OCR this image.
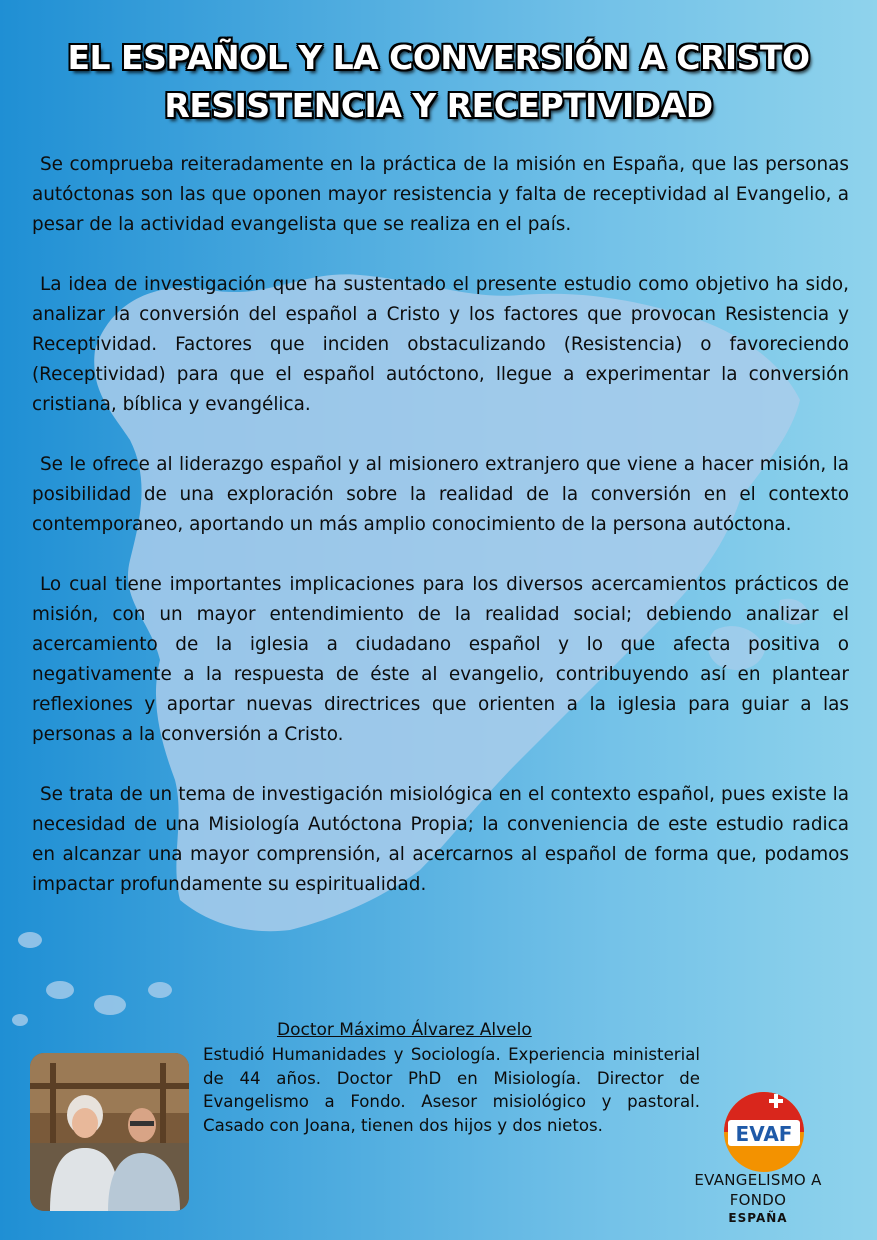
EL ESPAÑOL Y LA CONVERSIÓN A CRISTO
RESISTENCIA Y RECEPTIVIDAD

Se comprueba reiteradamente en la práctica de la misión en España, que las personas autóctonas son las que oponen mayor resistencia y falta de receptividad al Evangelio, a pesar de la actividad evangelista que se realiza en el país.

La idea de investigación que ha sustentado el presente estudio como objetivo ha sido, analizar la conversión del español a Cristo y los factores que provocan Resistencia y Receptividad. Factores que inciden obstaculizando (Resistencia) o favoreciendo (Receptividad) para que el español autóctono, llegue a experimentar la conversión cristiana, bíblica y evangélica.

Se le ofrece al liderazgo español y al misionero extranjero que viene a hacer misión, la posibilidad de una exploración sobre la realidad de la conversión en el contexto contemporaneo, aportando un más amplio conocimiento de la persona autóctona.

Lo cual tiene importantes implicaciones para los diversos acercamientos prácticos de misión, con un mayor entendimiento de la realidad social; debiendo analizar el acercamiento de la iglesia a ciudadano español y lo que afecta positiva o negativamente a la respuesta de éste al evangelio, contribuyendo así en plantear reflexiones y aportar nuevas directrices que orienten a la iglesia para guiar a las personas a la conversión a Cristo.

Se trata de un tema de investigación misiológica en el contexto español, pues existe la necesidad de una Misiología Autóctona Propia; la conveniencia de este estudio radica en alcanzar una mayor comprensión, al acercarnos al español de forma que, podamos impactar profundamente su espiritualidad.

Doctor Máximo Álvarez Alvelo
Estudió Humanidades y Sociología. Experiencia ministerial de 44 años. Doctor PhD en Misiología. Director de Evangelismo a Fondo. Asesor misiológico y pastoral. Casado con Joana, tienen dos hijos y dos nietos.	EVAF
EVANGELISMO A FONDO
ESPAÑA
